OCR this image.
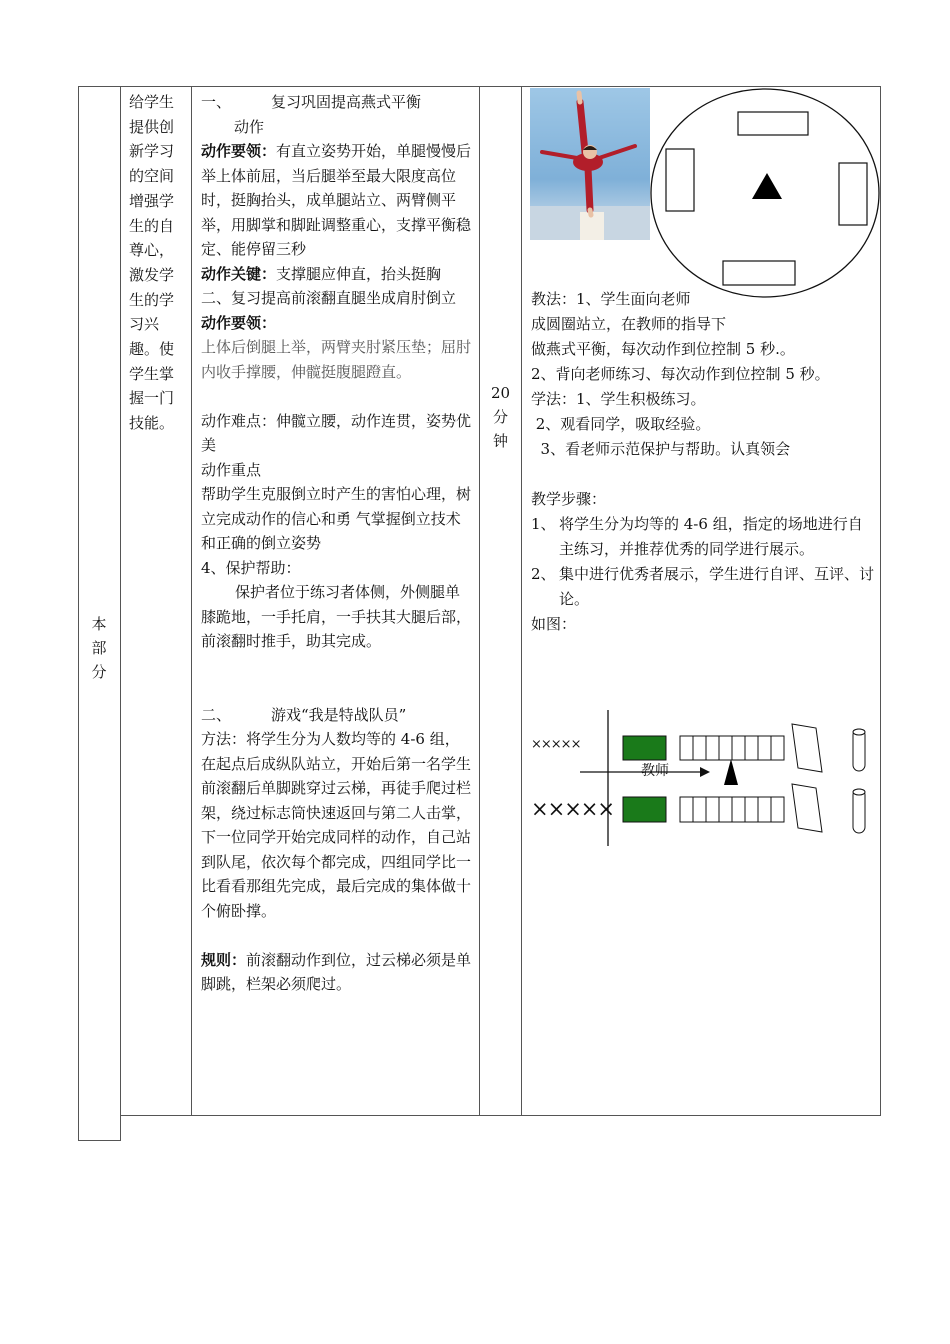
本
部
分
给学生
提供创
新学习
的空间
增强学
生的自
尊心，
激发学
生的学
习兴
趣。使
学生掌
握一门
技能。

一、	复习巩固提高燕式平衡

动作

动作要领：有直立姿势开始，单腿慢慢后举上体前屈，当后腿举至最大限度高位时，挺胸抬头，成单腿站立、两臂侧平举，用脚掌和脚趾调整重心，支撑平衡稳 定、能停留三秒

动作关键：支撑腿应伸直，抬头挺胸

二、复习提高前滚翻直腿坐成肩肘倒立

动作要领：

上体后倒腿上举，两臂夹肘紧压垫；屈肘内收手撑腰，伸髋挺腹腿蹬直。

动作难点：伸髋立腰，动作连贯，姿势优美

动作重点

帮助学生克服倒立时产生的害怕心理，树立完成动作的信心和勇 气掌握倒立技术和正确的倒立姿势

4、保护帮助：

保护者位于练习者体侧，外侧腿单膝跪地，一手托肩，一手扶其大腿后部，前滚翻时推手，助其完成。

二、	游戏“我是特战队员”

方法：将学生分为人数均等的 4-6 组，在起点后成纵队站立，开始后第一名学生前滚翻后单脚跳穿过云梯，再徒手爬过栏架，绕过标志筒快速返回与第二人击掌，下一位同学开始完成同样的动作，自己站到队尾，依次每个都完成，四组同学比一比看看那组先完成，最后完成的集体做十个俯卧撑。

规则：前滚翻动作到位，过云梯必须是单脚跳，栏架必须爬过。

20
分
钟

教法：1、学生面向老师

成圆圈站立，在教师的指导下

做燕式平衡，每次动作到位控制 5 秒.。

2、背向老师练习、每次动作到位控制 5 秒。

学法：1、学生积极练习。

2、观看同学，吸取经验。

3、看老师示范保护与帮助。认真领会

教学步骤：

1、 将学生分为均等的 4-6 组，指定的场地进行自主练习，并推荐优秀的同学进行展示。

2、 集中进行优秀者展示，学生进行自评、互评、讨论。

如图：

×××××
×××××
教师
